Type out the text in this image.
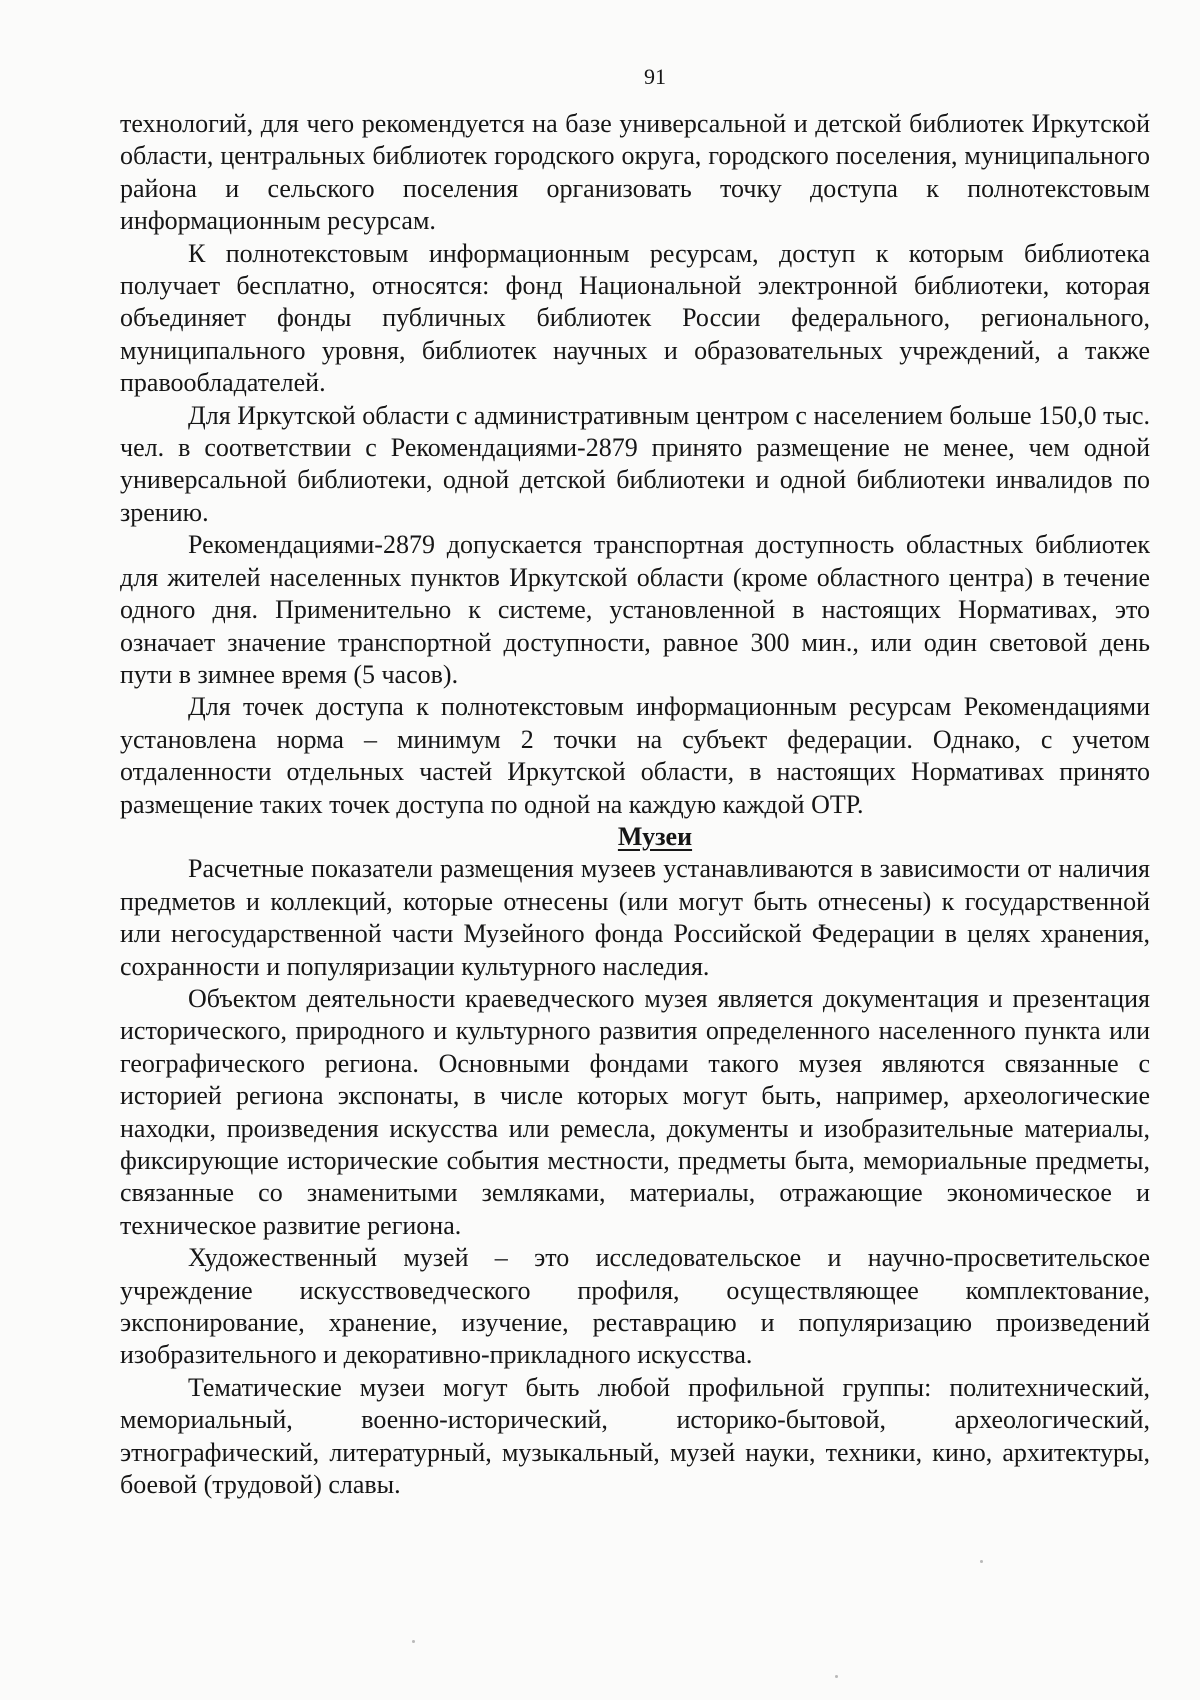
91

технологий, для чего рекомендуется на базе универсальной и детской библиотек Иркутской области, центральных библиотек городского округа, городского поселения, муниципального района и сельского поселения организовать точку доступа к полнотекстовым информационным ресурсам.

К полнотекстовым информационным ресурсам, доступ к которым библиотека получает бесплатно, относятся: фонд Национальной электронной библиотеки, которая объединяет фонды публичных библиотек России федерального, регионального, муниципального уровня, библиотек научных и образовательных учреждений, а также правообладателей.

Для Иркутской области с административным центром с населением больше 150,0 тыс. чел. в соответствии с Рекомендациями-2879 принято размещение не менее, чем одной универсальной библиотеки, одной детской библиотеки и одной библиотеки инвалидов по зрению.

Рекомендациями-2879 допускается транспортная доступность областных библиотек для жителей населенных пунктов Иркутской области (кроме областного центра) в течение одного дня. Применительно к системе, установленной в настоящих Нормативах, это означает значение транспортной доступности, равное 300 мин., или один световой день пути в зимнее время (5 часов).

Для точек доступа к полнотекстовым информационным ресурсам Рекомендациями установлена норма – минимум 2 точки на субъект федерации. Однако, с учетом отдаленности отдельных частей Иркутской области, в настоящих Нормативах принято размещение таких точек доступа по одной на каждую каждой ОТР.

Музеи

Расчетные показатели размещения музеев устанавливаются в зависимости от наличия предметов и коллекций, которые отнесены (или могут быть отнесены) к государственной или негосударственной части Музейного фонда Российской Федерации в целях хранения, сохранности и популяризации культурного наследия.

Объектом деятельности краеведческого музея является документация и презентация исторического, природного и культурного развития определенного населенного пункта или географического региона. Основными фондами такого музея являются связанные с историей региона экспонаты, в числе которых могут быть, например, археологические находки, произведения искусства или ремесла, документы и изобразительные материалы, фиксирующие исторические события местности, предметы быта, мемориальные предметы, связанные со знаменитыми земляками, материалы, отражающие экономическое и техническое развитие региона.

Художественный музей – это исследовательское и научно-просветительское учреждение искусствоведческого профиля, осуществляющее комплектование, экспонирование, хранение, изучение, реставрацию и популяризацию произведений изобразительного и декоративно-прикладного искусства.

Тематические музеи могут быть любой профильной группы: политехнический, мемориальный, военно-исторический, историко-бытовой, археологический, этнографический, литературный, музыкальный, музей науки, техники, кино, архитектуры, боевой (трудовой) славы.
